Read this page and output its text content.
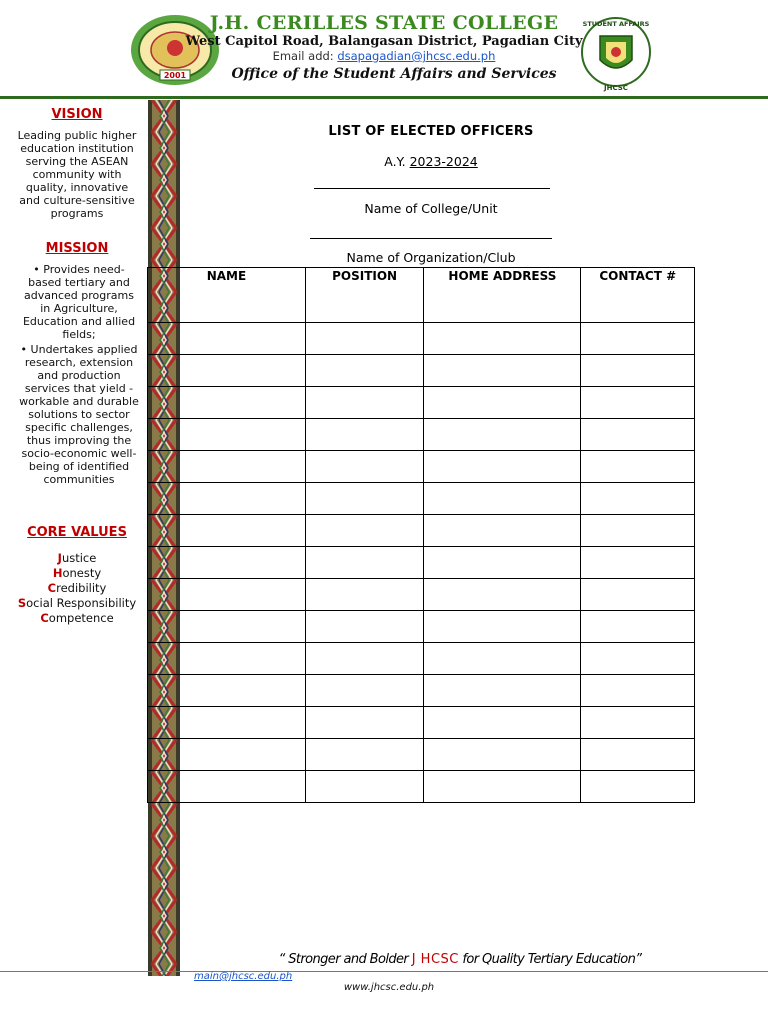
2001
STUDENT AFFAIRS
JHCSC
J.H. CERILLES STATE COLLEGE
West Capitol Road, Balangasan District, Pagadian City
Email add: dsapagadian@jhcsc.edu.ph
Office of the Student Affairs and Services
VISION
Leading public higher education institution serving the ASEAN community with quality, innovative and culture-sensitive programs
MISSION
• Provides need-based tertiary and advanced programs in Agriculture, Education and allied fields;
• Undertakes applied research, extension and production services that yield - workable and durable solutions to sector specific challenges, thus improving the socio-economic well- being of identified communities
CORE VALUES
Justice
Honesty
Credibility
Social Responsibility
Competence
LIST OF ELECTED OFFICERS
A.Y. 2023-2024
Name of College/Unit
Name of Organization/Club
NAME	POSITION	HOME ADDRESS	CONTACT #

“ Stronger and Bolder J HCSC for Quality Tertiary Education”
main@jhcsc.edu.ph
www.jhcsc.edu.ph
